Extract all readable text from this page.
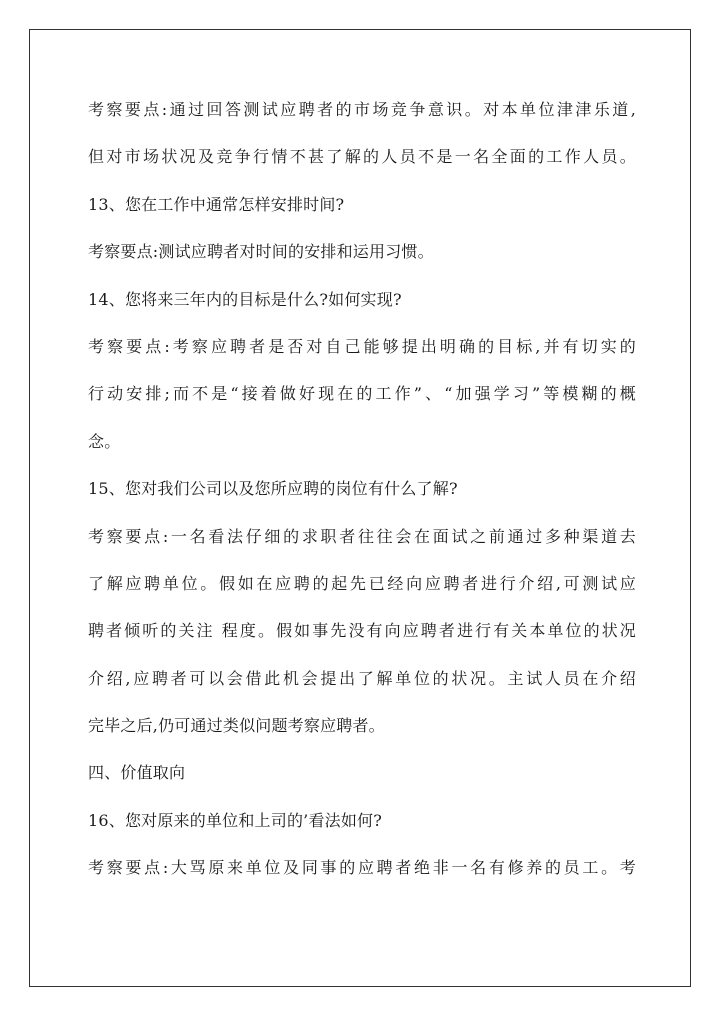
考察要点:通过回答测试应聘者的市场竞争意识。对本单位津津乐道,
但对市场状况及竞争行情不甚了解的人员不是一名全面的工作人员。
13、您在工作中通常怎样安排时间?
考察要点:测试应聘者对时间的安排和运用习惯。
14、您将来三年内的目标是什么?如何实现?
考察要点:考察应聘者是否对自己能够提出明确的目标,并有切实的
行动安排;而不是“接着做好现在的工作”、“加强学习”等模糊的概
念。
15、您对我们公司以及您所应聘的岗位有什么了解?
考察要点:一名看法仔细的求职者往往会在面试之前通过多种渠道去
了解应聘单位。假如在应聘的起先已经向应聘者进行介绍,可测试应
聘者倾听的关注 程度。假如事先没有向应聘者进行有关本单位的状况
介绍,应聘者可以会借此机会提出了解单位的状况。主试人员在介绍
完毕之后,仍可通过类似问题考察应聘者。
四、价值取向
16、您对原来的单位和上司的’看法如何?
考察要点:大骂原来单位及同事的应聘者绝非一名有修养的员工。考
